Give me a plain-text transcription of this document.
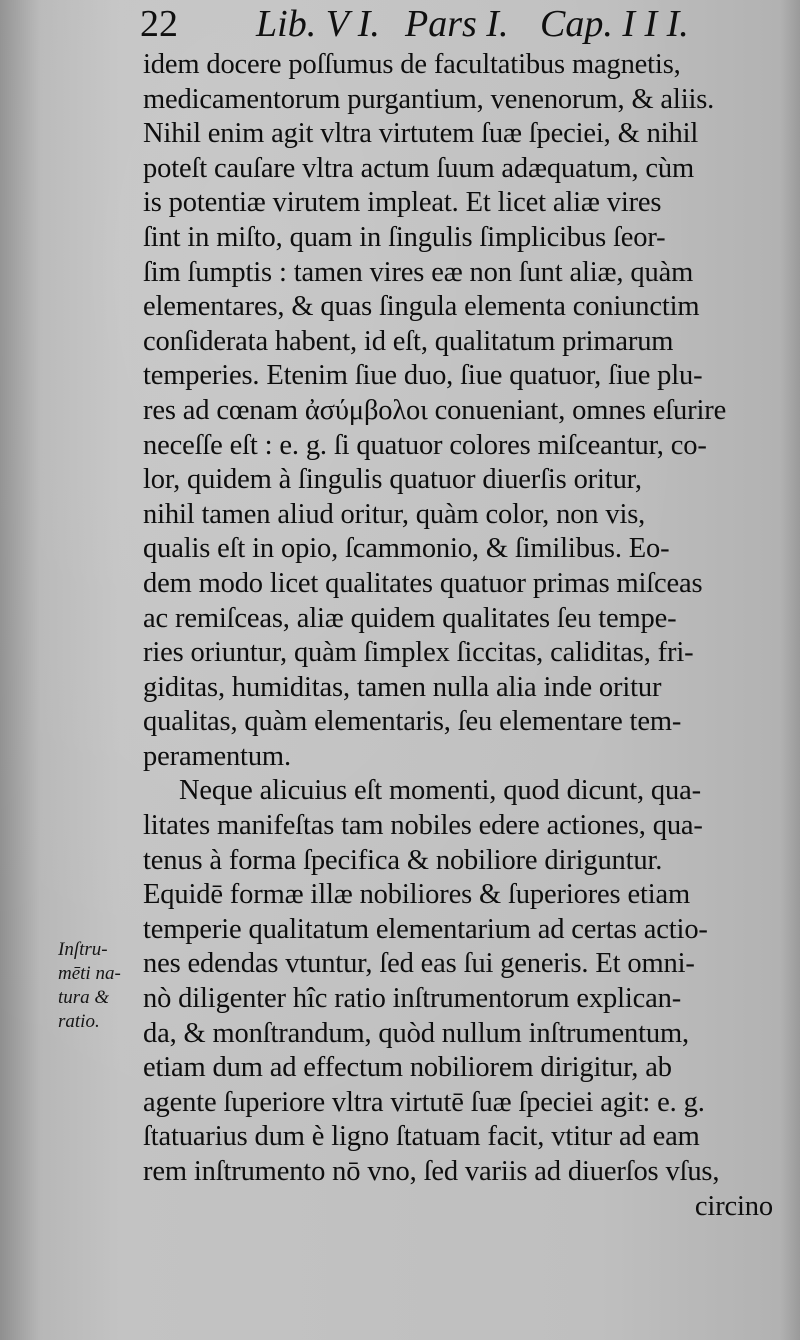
22 Lib. V I. Pars I. Cap. I I I.
idem docere poſſumus de facultatibus magnetis,
medicamentorum purgantium, venenorum, & aliis.
Nihil enim agit vltra virtutem ſuæ ſpeciei, & nihil
poteſt cauſare vltra actum ſuum adæquatum, cùm
is potentiæ virutem impleat. Et licet aliæ vires
ſint in miſto, quam in ſingulis ſimplicibus ſeor-
ſim ſumptis : tamen vires eæ non ſunt aliæ, quàm
elementares, & quas ſingula elementa coniunctim
conſiderata habent, id eſt, qualitatum primarum
temperies. Etenim ſiue duo, ſiue quatuor, ſiue plu-
res ad cœnam ἀσύμβολοι conueniant, omnes eſurire
neceſſe eſt : e. g. ſi quatuor colores miſceantur, co-
lor, quidem à ſingulis quatuor diuerſis oritur,
nihil tamen aliud oritur, quàm color, non vis,
qualis eſt in opio, ſcammonio, & ſimilibus. Eo-
dem modo licet qualitates quatuor primas miſceas
ac remiſceas, aliæ quidem qualitates ſeu tempe-
ries oriuntur, quàm ſimplex ſiccitas, caliditas, fri-
giditas, humiditas, tamen nulla alia inde oritur
qualitas, quàm elementaris, ſeu elementare tem-
peramentum.
Neque alicuius eſt momenti, quod dicunt, qua-
litates manifeſtas tam nobiles edere actiones, qua-
tenus à forma ſpecifica & nobiliore diriguntur.
Equidē formæ illæ nobiliores & ſuperiores etiam
temperie qualitatum elementarium ad certas actio-
nes edendas vtuntur, ſed eas ſui generis. Et omni-
nò diligenter hîc ratio inſtrumentorum explican-
da, & monſtrandum, quòd nullum inſtrumentum,
etiam dum ad effectum nobiliorem dirigitur, ab
agente ſuperiore vltra virtutē ſuæ ſpeciei agit: e. g.
ſtatuarius dum è ligno ſtatuam facit, vtitur ad eam
rem inſtrumento nō vno, ſed variis ad diuerſos vſus,
circino
Inſtru-
mēti na-
tura &
ratio.
